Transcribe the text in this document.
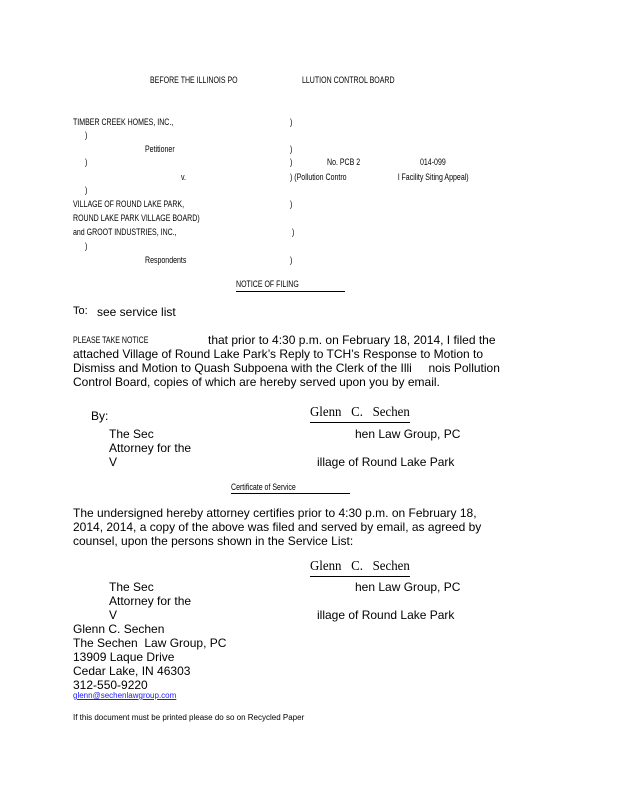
BEFORE THE ILLINOIS PO	LLUTION CONTROL BOARD
TIMBER CREEK HOMES, INC.,	)
)
Petitioner	)
)	)	No. PCB 2	014-099
v.	) (Pollution Contro	l Facility Siting Appeal)
)
VILLAGE OF ROUND LAKE PARK,	)
ROUND LAKE PARK VILLAGE BOARD)
and GROOT INDUSTRIES, INC.,	)
)
Respondents	)
NOTICE OF FILING
To: see service list
PLEASE TAKE NOTICE	that prior to 4:30 p.m. on February 18, 2014, I filed the
attached Village of Round Lake Park’s Reply to TCH’s Response to Motion to
Dismiss and Motion to Quash Subpoena with the Clerk of the Illi     nois Pollution
Control Board, copies of which are hereby served upon you by email.
By:	Glenn   C.   Sechen
The Sec	hen Law Group, PC
Attorney for the
V	illage of Round Lake Park
Certificate of Service
The undersigned hereby attorney certifies prior to 4:30 p.m. on February 18,
2014, 2014, a copy of the above was filed and served by email, as agreed by
counsel, upon the persons shown in the Service List:
Glenn   C.   Sechen
The Sec	hen Law Group, PC
Attorney for the
V	illage of Round Lake Park
Glenn C. Sechen
The Sechen  Law Group, PC
13909 Laque Drive
Cedar Lake, IN 46303
312-550-9220
glenn@sechenlawgroup.com
If this document must be printed please do so on Recycled Paper
